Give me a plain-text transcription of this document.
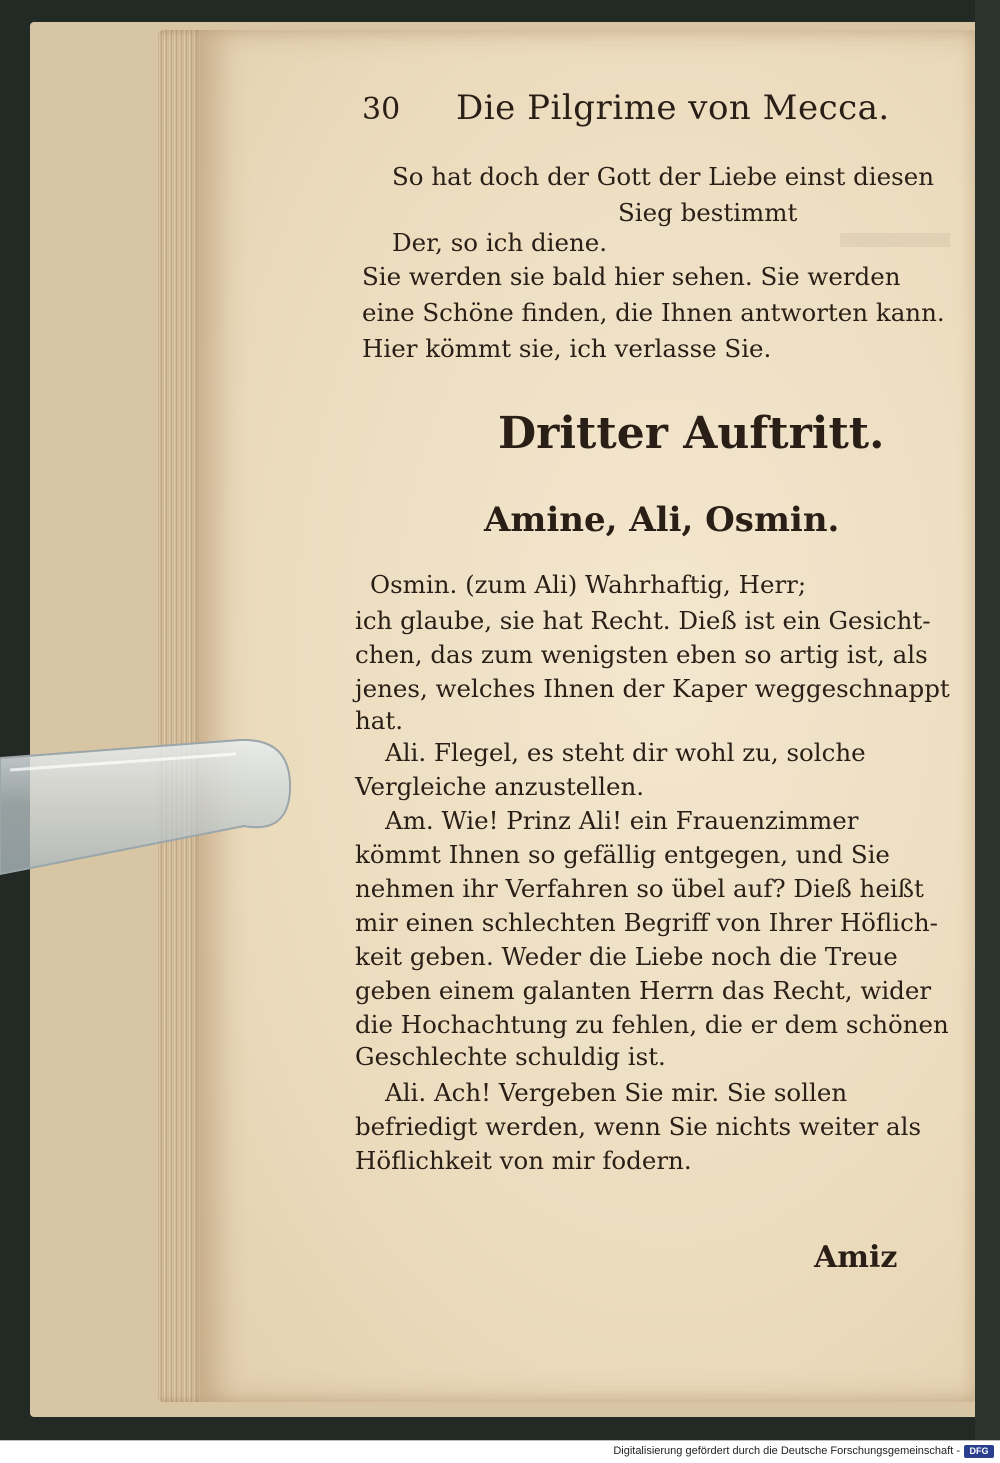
30 Die Pilgrime von Mecca.
So hat doch der Gott der Liebe einst diesen
Sieg bestimmt
Der, so ich diene.
Sie werden sie bald hier sehen. Sie werden
eine Schöne finden, die Ihnen antworten kann.
Hier kömmt sie, ich verlasse Sie.
Dritter Auftritt.
Amine, Ali, Osmin.
Osmin. (zum Ali) Wahrhaftig, Herr;
ich glaube, sie hat Recht. Dieß ist ein Gesicht-
chen, das zum wenigsten eben so artig ist, als
jenes, welches Ihnen der Kaper weggeschnappt
hat.
Ali. Flegel, es steht dir wohl zu, solche
Vergleiche anzustellen.
Am. Wie! Prinz Ali! ein Frauenzimmer
kömmt Ihnen so gefällig entgegen, und Sie
nehmen ihr Verfahren so übel auf? Dieß heißt
mir einen schlechten Begriff von Ihrer Höflich-
keit geben. Weder die Liebe noch die Treue
geben einem galanten Herrn das Recht, wider
die Hochachtung zu fehlen, die er dem schönen
Geschlechte schuldig ist.
Ali. Ach! Vergeben Sie mir. Sie sollen
befriedigt werden, wenn Sie nichts weiter als
Höflichkeit von mir fodern.
Amiz
Digitalisierung gefördert durch die Deutsche Forschungsgemeinschaft -	DFG
